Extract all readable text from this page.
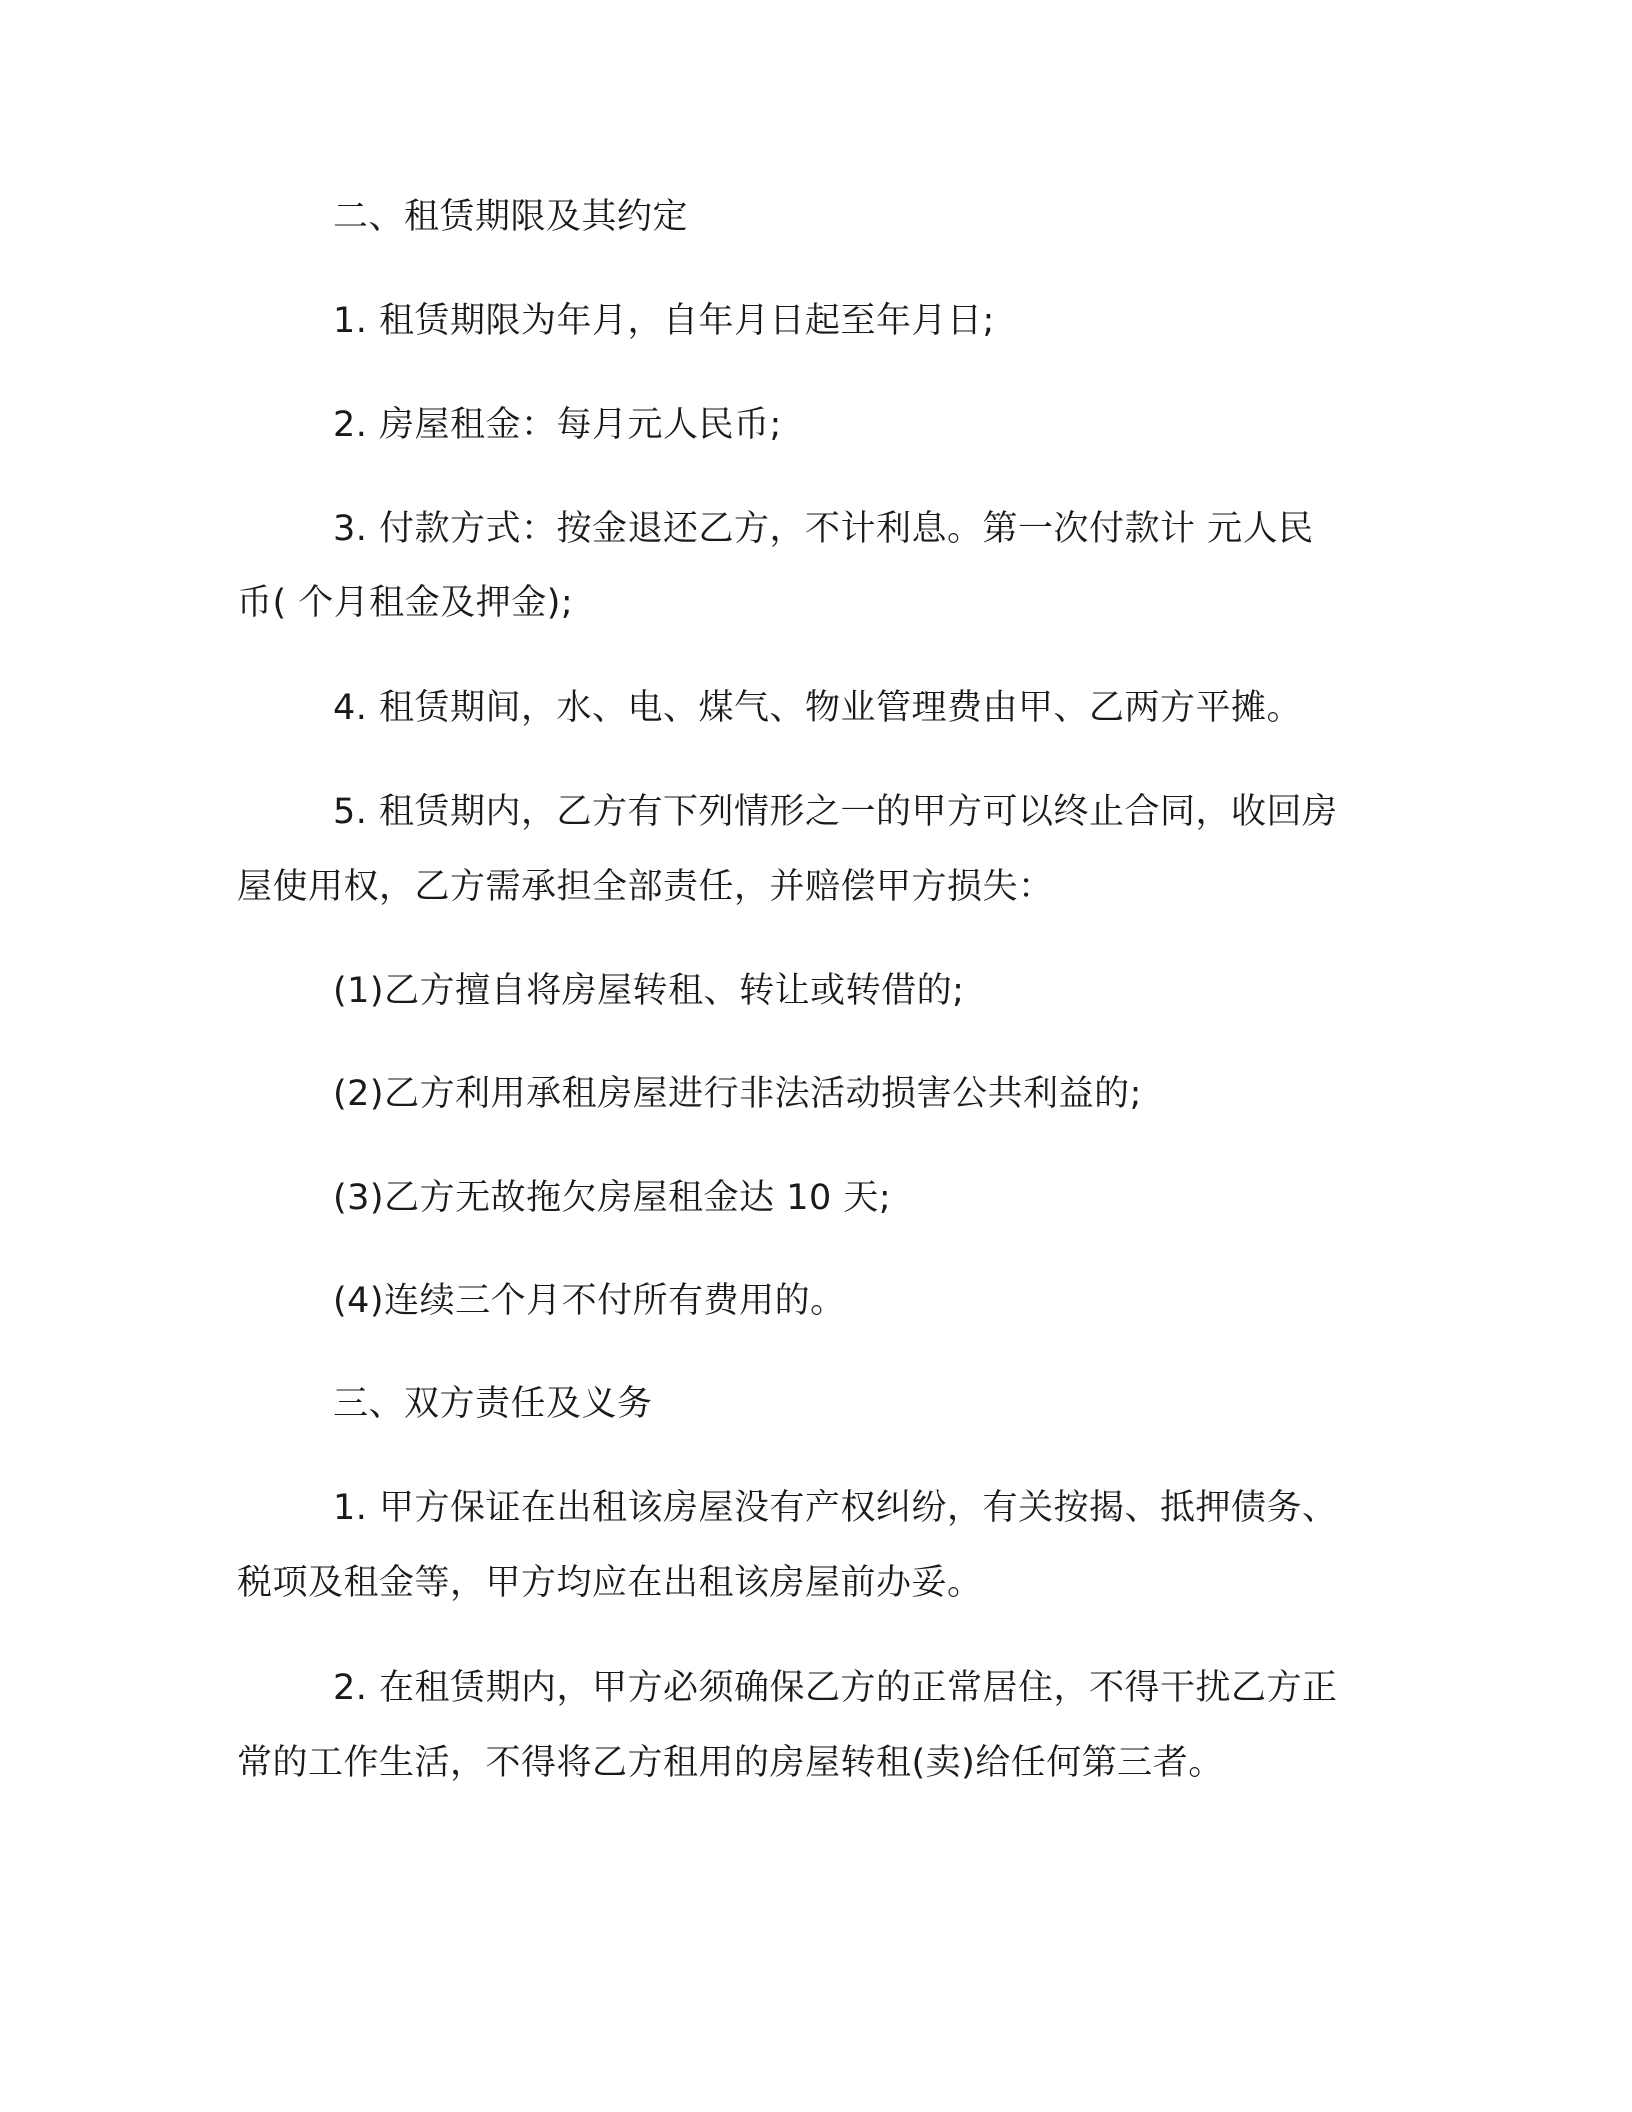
二、租赁期限及其约定
1. 租赁期限为年月，自年月日起至年月日;
2. 房屋租金：每月元人民币;
3. 付款方式：按金退还乙方，不计利息。第一次付款计 元人民
币( 个月租金及押金);
4. 租赁期间，水、电、煤气、物业管理费由甲、乙两方平摊。
5. 租赁期内，乙方有下列情形之一的甲方可以终止合同，收回房
屋使用权，乙方需承担全部责任，并赔偿甲方损失：
(1)乙方擅自将房屋转租、转让或转借的;
(2)乙方利用承租房屋进行非法活动损害公共利益的;
(3)乙方无故拖欠房屋租金达 10 天;
(4)连续三个月不付所有费用的。
三、双方责任及义务
1. 甲方保证在出租该房屋没有产权纠纷，有关按揭、抵押债务、
税项及租金等，甲方均应在出租该房屋前办妥。
2. 在租赁期内，甲方必须确保乙方的正常居住，不得干扰乙方正
常的工作生活，不得将乙方租用的房屋转租(卖)给任何第三者。
